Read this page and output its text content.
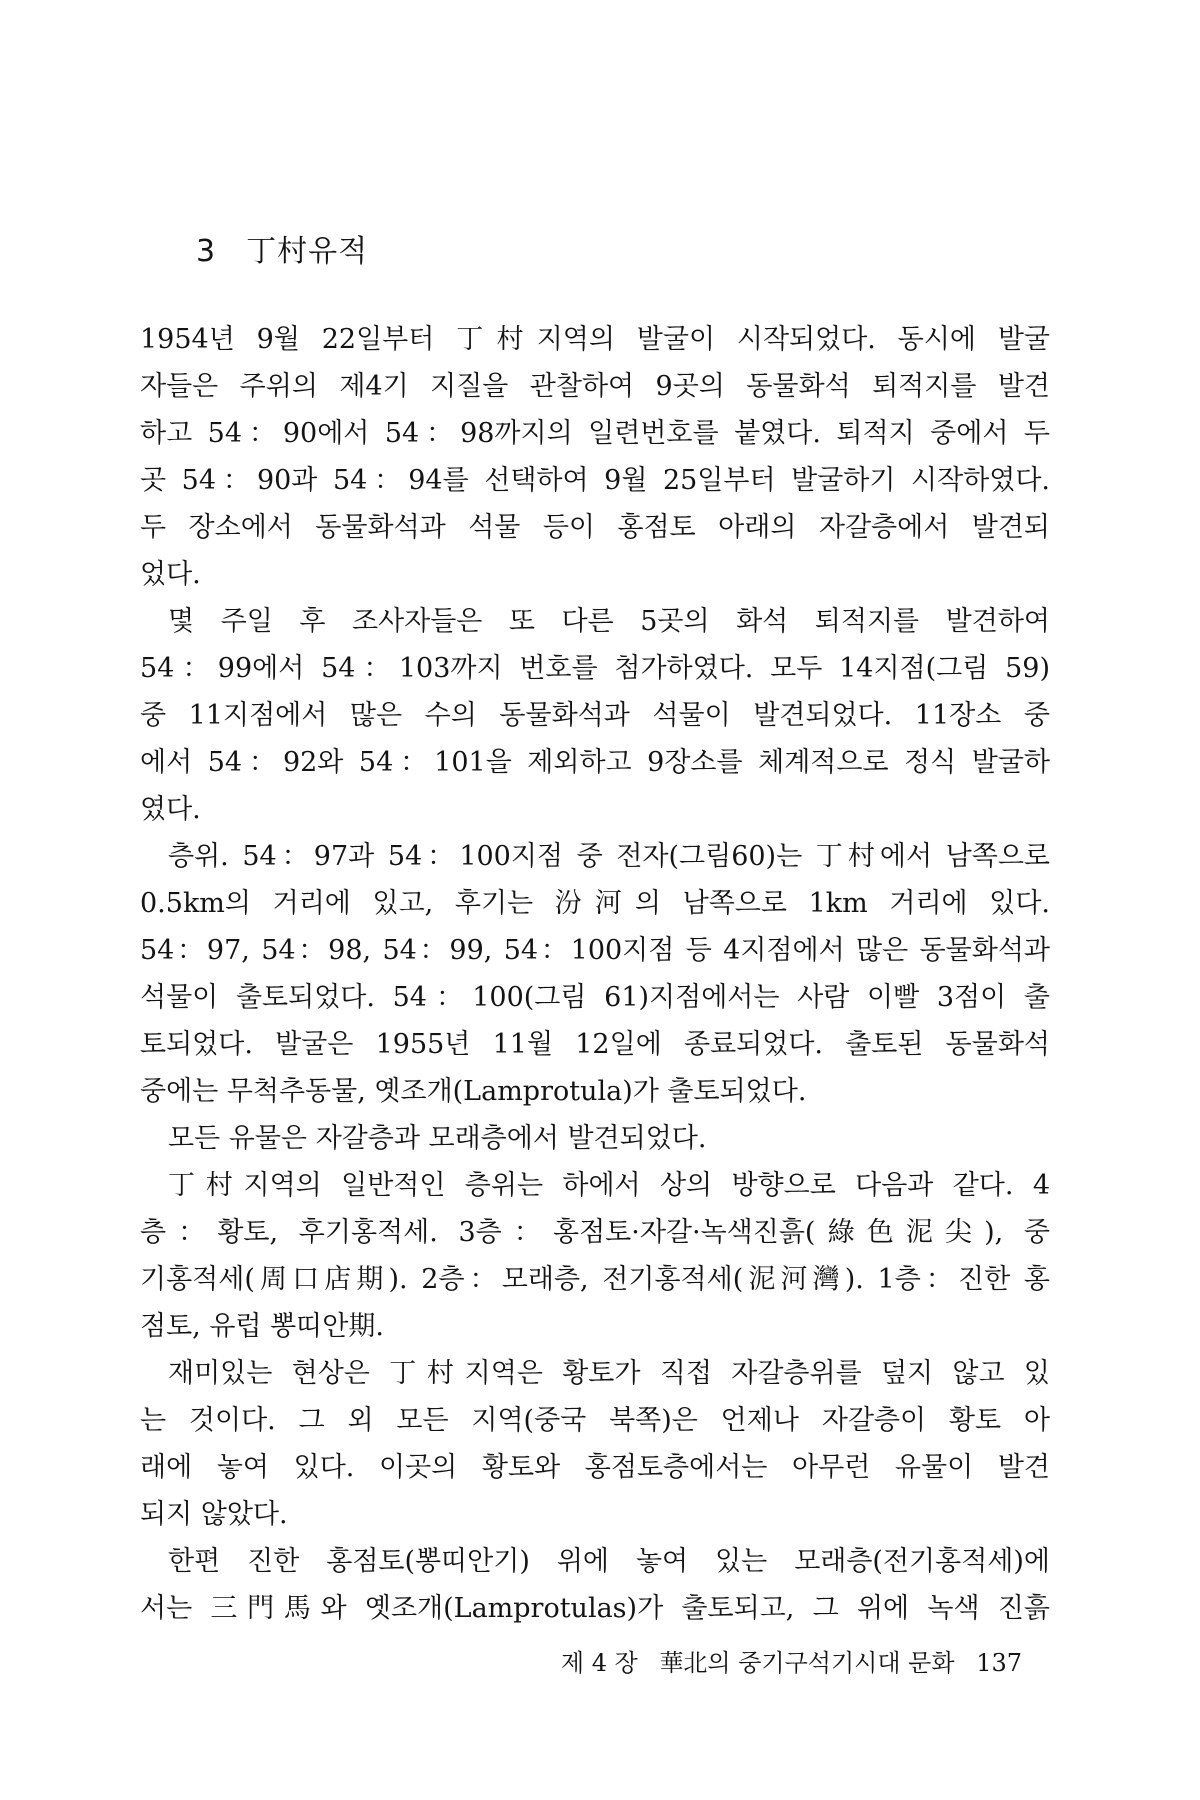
3 丁村유적
1954년 9월 22일부터 丁村지역의 발굴이 시작되었다. 동시에 발굴
자들은 주위의 제4기 지질을 관찰하여 9곳의 동물화석 퇴적지를 발견
하고 54：90에서 54：98까지의 일련번호를 붙였다. 퇴적지 중에서 두
곳 54：90과 54：94를 선택하여 9월 25일부터 발굴하기 시작하였다.
두 장소에서 동물화석과 석물 등이 홍점토 아래의 자갈층에서 발견되
었다.
몇 주일 후 조사자들은 또 다른 5곳의 화석 퇴적지를 발견하여
54：99에서 54：103까지 번호를 첨가하였다. 모두 14지점(그림 59)
중 11지점에서 많은 수의 동물화석과 석물이 발견되었다. 11장소 중
에서 54：92와 54：101을 제외하고 9장소를 체계적으로 정식 발굴하
였다.
층위. 54：97과 54：100지점 중 전자(그림60)는 丁村에서 남쪽으로
0.5km의 거리에 있고, 후기는 汾河의 남쪽으로 1km 거리에 있다.
54：97, 54：98, 54：99, 54：100지점 등 4지점에서 많은 동물화석과
석물이 출토되었다. 54：100(그림 61)지점에서는 사람 이빨 3점이 출
토되었다. 발굴은 1955년 11월 12일에 종료되었다. 출토된 동물화석
중에는 무척추동물, 옛조개(Lamprotula)가 출토되었다.
모든 유물은 자갈층과 모래층에서 발견되었다.
丁村지역의 일반적인 층위는 하에서 상의 방향으로 다음과 같다. 4
층：황토, 후기홍적세. 3층：홍점토·자갈·녹색진흙(綠色泥尖), 중
기홍적세(周口店期). 2층：모래층, 전기홍적세(泥河灣). 1층：진한 홍
점토, 유럽 뽕띠안期.
재미있는 현상은 丁村지역은 황토가 직접 자갈층위를 덮지 않고 있
는 것이다. 그 외 모든 지역(중국 북쪽)은 언제나 자갈층이 황토 아
래에 놓여 있다. 이곳의 황토와 홍점토층에서는 아무런 유물이 발견
되지 않았다.
한편 진한 홍점토(뽕띠안기) 위에 놓여 있는 모래층(전기홍적세)에
서는 三門馬와 옛조개(Lamprotulas)가 출토되고, 그 위에 녹색 진흙
제 4 장 華北의 중기구석기시대 문화 137
